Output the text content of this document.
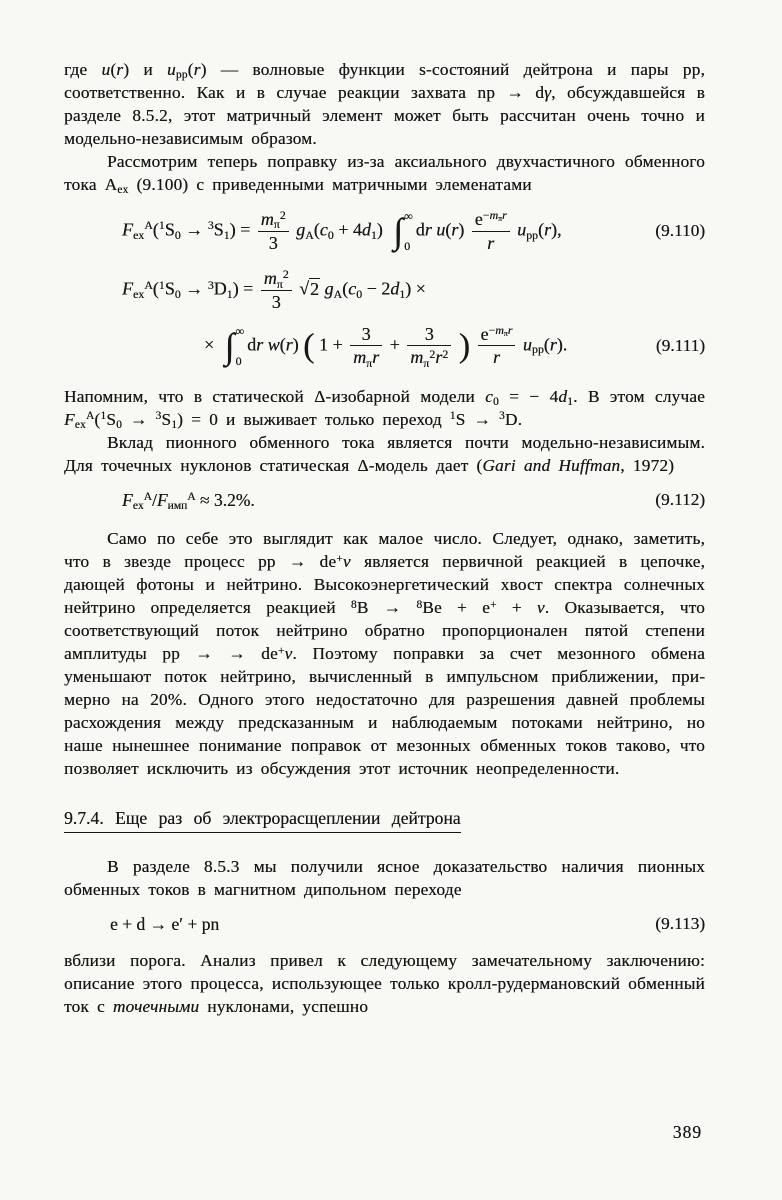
где u(r) и $u_{pp}(r)$ — волновые функции s-состояний дейтрона и пары pp, соответственно. Как и в случае реакции захвата np → dγ, обсуждавшейся в разделе 8.5.2, этот матричный элемент может быть рассчитан очень точно и модельно-независимым образом.

Рассмотрим теперь поправку из-за аксиального двухчастичного обменного тока $A_{ex}$ (9.100) с приведенными матричными элеменатами

$F_{ex}^A(^1S_0 \to ^3S_1) = \frac{m_\pi^2}{3} g_A(c_0 + 4d_1)$ ∫ ∞
0
dr $u(r) \frac{e^{-m_\pi r}}{r} u_{pp}(r)$,	(9.110)
$F_{ex}^A(^1S_0 \to ^3D_1) = \frac{m_\pi^2}{3} √2$ $g_A(c_0 - 2d_1)$ ×
× ∫ ∞
0
dr w(r) ( $1 + \frac{3}{m_\pi r} + \frac{3}{m_\pi^2r^2}$ ) $\frac{e^{-m_\pi r}}{r} u_{pp}(r)$.	(9.111)

Напомним, что в статической Δ-изобарной модели $c_0$ = − $4d_1$. В этом случае $F_{ex}^A(^1S_0 \to ^3S_1) = 0$ и выживает только переход $^1$S → $^3$D.

Вклад пионного обменного тока является почти модельно-независимым. Для точечных нуклонов статическая Δ-модель дает (Gari and Huffman, 1972)

$F_{ex}^A/F_{имп}^A \approx 3.2\%$.	(9.112)

Само по себе это выглядит как малое число. Следует, однако, заметить, что в звезде процесс pp → de+ν является первичной реакцией в цепочке, дающей фотоны и нейтрино. Высокоэнергетический хвост спектра солнечных нейтрино определяется реакцией $^8$B → $^8$Be + e+ + ν. Оказывается, что соответствующий поток нейтрино обратно пропорционален пятой степени амплитуды pp → → de+ν. Поэтому поправки за счет мезонного обмена уменьшают поток нейтрино, вычисленный в импульсном приближении, примерно на 20%. Одного этого недостаточно для разрешения давней проблемы расхождения между предсказанным и наблюдаемым потоками нейтрино, но наше нынешнее понимание поправок от мезонных обменных токов таково, что позволяет исключить из обсуждения этот источник неопределенности.

9.7.4. Еще раз об электрорасщеплении дейтрона

В разделе 8.5.3 мы получили ясное доказательство наличия пионных обменных токов в магнитном дипольном переходе

e + d → e′ + pn	(9.113)

вблизи порога. Анализ привел к следующему замечательному заключению: описание этого процесса, использующее только кролл-рудермановский обменный ток с точечными нуклонами, успешно

389
